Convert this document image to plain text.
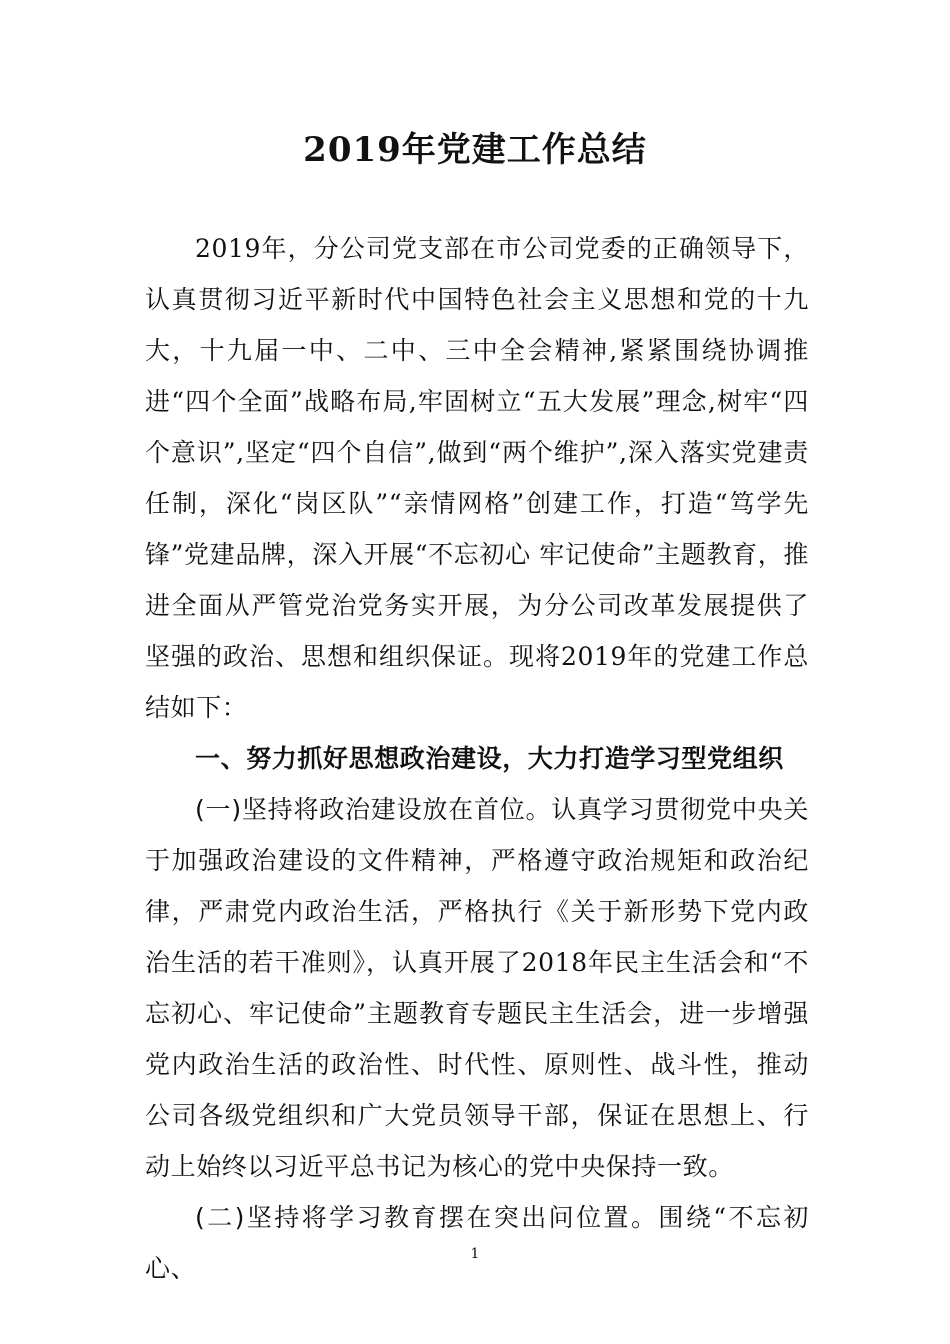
2019年党建工作总结

2019年，分公司党支部在市公司党委的正确领导下，认真贯彻习近平新时代中国特色社会主义思想和党的十九大，十九届一中、二中、三中全会精神,紧紧围绕协调推进“四个全面”战略布局,牢固树立“五大发展”理念,树牢“四个意识”,坚定“四个自信”,做到“两个维护”,深入落实党建责任制，深化“岗区队”“亲情网格”创建工作，打造“笃学先锋”党建品牌，深入开展“不忘初心 牢记使命”主题教育，推进全面从严管党治党务实开展，为分公司改革发展提供了坚强的政治、思想和组织保证。现将2019年的党建工作总结如下：

一、努力抓好思想政治建设，大力打造学习型党组织

(一)坚持将政治建设放在首位。认真学习贯彻党中央关于加强政治建设的文件精神，严格遵守政治规矩和政治纪律，严肃党内政治生活，严格执行《关于新形势下党内政治生活的若干准则》，认真开展了2018年民主生活会和“不忘初心、牢记使命”主题教育专题民主生活会，进一步增强党内政治生活的政治性、时代性、原则性、战斗性，推动公司各级党组织和广大党员领导干部，保证在思想上、行动上始终以习近平总书记为核心的党中央保持一致。

(二)坚持将学习教育摆在突出问位置。围绕“不忘初心、	1
